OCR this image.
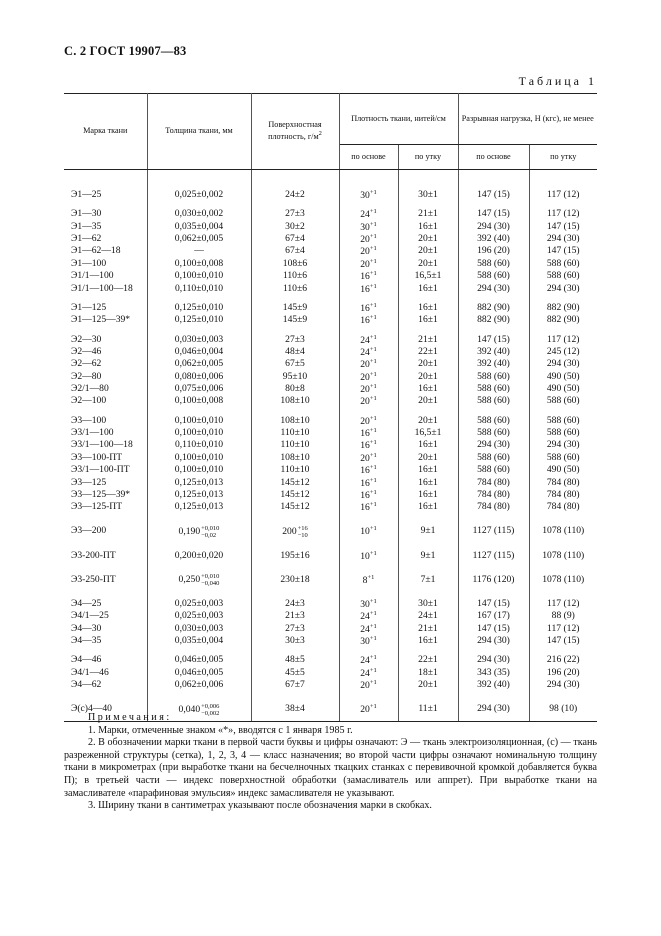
С. 2 ГОСТ 19907—83
Таблица 1
Марка ткани	Толщина ткани, мм	Поверхностная плотность, $г/м^2$	Плотность ткани, нитей/см		Разрывная нагрузка, Н (кгс), не менее	
			по основе	по утку	по основе	по утку

Э1—25	0,025±0,002	24±2	$30^{+1}$	30±1	147 (15)	117 (12)

Э1—30	0,030±0,002	27±3	$24^{+1}$	21±1	147 (15)	117 (12)
Э1—35	0,035±0,004	30±2	$30^{+1}$	16±1	294 (30)	147 (15)
Э1—62	0,062±0,005	67±4	$20^{+1}$	20±1	392 (40)	294 (30)
Э1—62—18	—	67±4	$20^{+1}$	20±1	196 (20)	147 (15)
Э1—100	0,100±0,008	108±6	$20^{+1}$	20±1	588 (60)	588 (60)
Э1/1—100	0,100±0,010	110±6	$16^{+1}$	16,5±1	588 (60)	588 (60)
Э1/1—100—18	0,110±0,010	110±6	$16^{+1}$	16±1	294 (30)	294 (30)

Э1—125	0,125±0,010	145±9	$16^{+1}$	16±1	882 (90)	882 (90)
Э1—125—39*	0,125±0,010	145±9	$16^{+1}$	16±1	882 (90)	882 (90)

Э2—30	0,030±0,003	27±3	$24^{+1}$	21±1	147 (15)	117 (12)
Э2—46	0,046±0,004	48±4	$24^{+1}$	22±1	392 (40)	245 (12)
Э2—62	0,062±0,005	67±5	$20^{+1}$	20±1	392 (40)	294 (30)
Э2—80	0,080±0,006	95±10	$20^{+1}$	20±1	588 (60)	490 (50)
Э2/1—80	0,075±0,006	80±8	$20^{+1}$	16±1	588 (60)	490 (50)
Э2—100	0,100±0,008	108±10	$20^{+1}$	20±1	588 (60)	588 (60)

Э3—100	0,100±0,010	108±10	$20^{+1}$	20±1	588 (60)	588 (60)
Э3/1—100	0,100±0,010	110±10	$16^{+1}$	16,5±1	588 (60)	588 (60)
Э3/1—100—18	0,110±0,010	110±10	$16^{+1}$	16±1	294 (30)	294 (30)
Э3—100-ПТ	0,100±0,010	108±10	$20^{+1}$	20±1	588 (60)	588 (60)
Э3/1—100-ПТ	0,100±0,010	110±10	$16^{+1}$	16±1	588 (60)	490 (50)
Э3—125	0,125±0,013	145±12	$16^{+1}$	16±1	784 (80)	784 (80)
Э3—125—39*	0,125±0,013	145±12	$16^{+1}$	16±1	784 (80)	784 (80)
Э3—125-ПТ	0,125±0,013	145±12	$16^{+1}$	16±1	784 (80)	784 (80)

Э3—200	0,190+0,010
−0,02	200+16
−10	$10^{+1}$	9±1	1127 (115)	1078 (110)

Э3-200-ПТ	0,200±0,020	195±16	$10^{+1}$	9±1	1127 (115)	1078 (110)

Э3-250-ПТ	0,250+0,010
−0,040	230±18	$8^{+1}$	7±1	1176 (120)	1078 (110)

Э4—25	0,025±0,003	24±3	$30^{+1}$	30±1	147 (15)	117 (12)
Э4/1—25	0,025±0,003	21±3	$24^{+1}$	24±1	167 (17)	88 (9)
Э4—30	0,030±0,003	27±3	$24^{+1}$	21±1	147 (15)	117 (12)
Э4—35	0,035±0,004	30±3	$30^{+1}$	16±1	294 (30)	147 (15)

Э4—46	0,046±0,005	48±5	$24^{+1}$	22±1	294 (30)	216 (22)
Э4/1—46	0,046±0,005	45±5	$24^{+1}$	18±1	343 (35)	196 (20)
Э4—62	0,062±0,006	67±7	$20^{+1}$	20±1	392 (40)	294 (30)

Э(с)4—40	0,040+0,006
−0,002	38±4	$20^{+1}$	11±1	294 (30)	98 (10)
Примечания:

1. Марки, отмеченные знаком «*», вводятся с 1 января 1985 г.

2. В обозначении марки ткани в первой части буквы и цифры означают: Э — ткань электроизоляционная, (с) — ткань разреженной структуры (сетка), 1, 2, 3, 4 — класс назначения; во второй части цифры означают номинальную толщину ткани в микрометрах (при выработке ткани на бесчелночных ткацких станках с перевивочной кромкой добавляется буква П); в третьей части — индекс поверхностной обработки (замасливатель или аппрет). При выработке ткани на замасливателе «парафиновая эмульсия» индекс замасливателя не указывают.

3. Ширину ткани в сантиметрах указывают после обозначения марки в скобках.
